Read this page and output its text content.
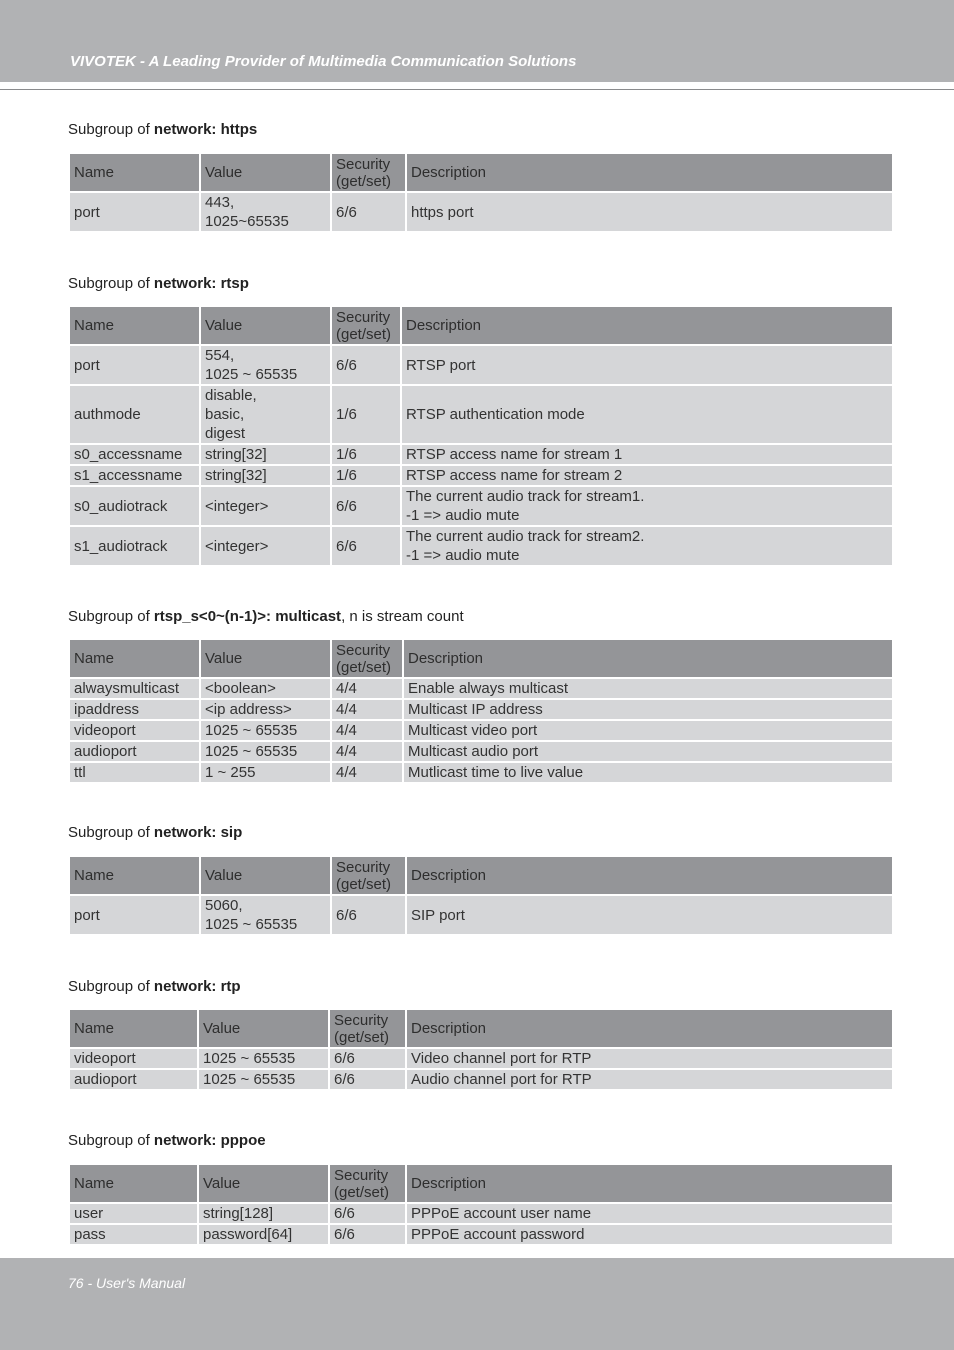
VIVOTEK - A Leading Provider of Multimedia Communication Solutions
Subgroup of network: https
Name	Value	Security
(get/set)	Description
port	443,
1025~65535	6/6	https port
Subgroup of network: rtsp
Name	Value	Security
(get/set)	Description
port	554,
1025 ~ 65535	6/6	RTSP port
authmode	disable,
basic,
digest	1/6	RTSP authentication mode
s0_accessname	string[32]	1/6	RTSP access name for stream 1
s1_accessname	string[32]	1/6	RTSP access name for stream 2
s0_audiotrack	<integer>	6/6	The current audio track for stream1.
-1 => audio mute
s1_audiotrack	<integer>	6/6	The current audio track for stream2.
-1 => audio mute
Subgroup of rtsp_s<0~(n-1)>: multicast, n is stream count
Name	Value	Security
(get/set)	Description
alwaysmulticast	<boolean>	4/4	Enable always multicast
ipaddress	<ip address>	4/4	Multicast IP address
videoport	1025 ~ 65535	4/4	Multicast video port
audioport	1025 ~ 65535	4/4	Multicast audio port
ttl	1 ~ 255	4/4	Mutlicast time to live value
Subgroup of network: sip
Name	Value	Security
(get/set)	Description
port	5060,
1025 ~ 65535	6/6	SIP port
Subgroup of network: rtp
Name	Value	Security
(get/set)	Description
videoport	1025 ~ 65535	6/6	Video channel port for RTP
audioport	1025 ~ 65535	6/6	Audio channel port for RTP
Subgroup of network: pppoe
Name	Value	Security
(get/set)	Description
user	string[128]	6/6	PPPoE account user name
pass	password[64]	6/6	PPPoE account password
76 - User's Manual
